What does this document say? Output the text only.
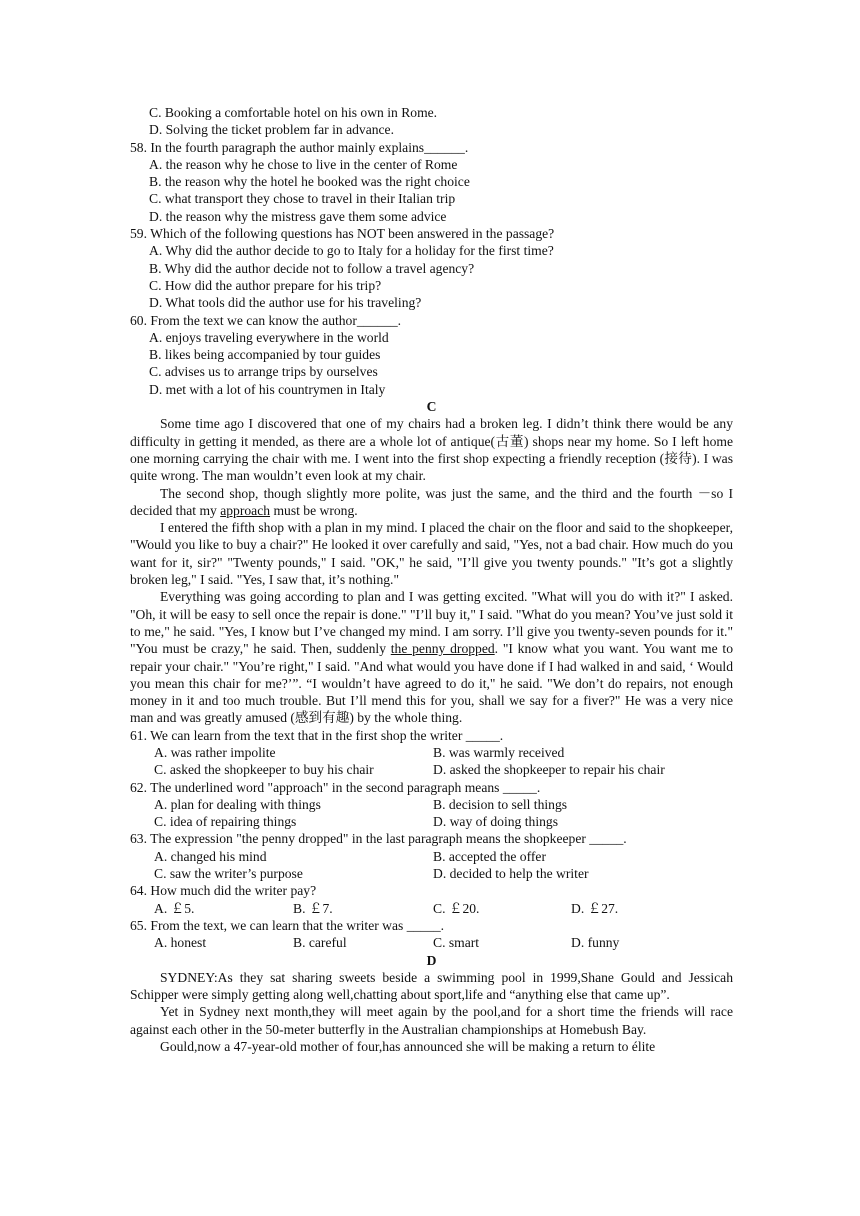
C. Booking a comfortable hotel on his own in Rome.
D. Solving the ticket problem far in advance.
58. In the fourth paragraph the author mainly explains______.
A. the reason why he chose to live in the center of Rome
B. the reason why the hotel he booked was the right choice
C. what transport they chose to travel in their Italian trip
D. the reason why the mistress gave them some advice
59. Which of the following questions has NOT been answered in the passage?
A. Why did the author decide to go to Italy for a holiday for the first time?
B. Why did the author decide not to follow a travel agency?
C. How did the author prepare for his trip?
D. What tools did the author use for his traveling?
60. From the text we can know the author______.
A. enjoys traveling everywhere in the world
B. likes being accompanied by tour guides
C. advises us to arrange trips by ourselves
D. met with a lot of his countrymen in Italy
C
Some time ago I discovered that one of my chairs had a broken leg. I didn’t think there would be any difficulty in getting it mended, as there are a whole lot of antique(古董) shops near my home. So I left home one morning carrying the chair with me. I went into the first shop expecting a friendly reception (接待). I was quite wrong. The man wouldn’t even look at my chair.
The second shop, though slightly more polite, was just the same, and the third and the fourth －so I decided that my approach must be wrong.
I entered the fifth shop with a plan in my mind. I placed the chair on the floor and said to the shopkeeper, "Would you like to buy a chair?" He looked it over carefully and said, "Yes, not a bad chair. How much do you want for it, sir?" "Twenty pounds," I said. "OK," he said, "I’ll give you twenty pounds." "It’s got a slightly broken leg," I said. "Yes, I saw that, it’s nothing."
Everything was going according to plan and I was getting excited. "What will you do with it?" I asked. "Oh, it will be easy to sell once the repair is done." "I’ll buy it," I said. "What do you mean? You’ve just sold it to me," he said. "Yes, I know but I’ve changed my mind. I am sorry. I’ll give you twenty-seven pounds for it." "You must be crazy," he said. Then, suddenly the penny dropped. "I know what you want. You want me to repair your chair." "You’re right," I said. "And what would you have done if I had walked in and said, ‘ Would you mean this chair for me?’”. “I wouldn’t have agreed to do it," he said. "We don’t do repairs, not enough money in it and too much trouble. But I’ll mend this for you, shall we say for a fiver?" He was a very nice man and was greatly amused (感到有趣) by the whole thing.
61. We can learn from the text that in the first shop the writer _____.
A. was rather impolite	B. was warmly received
C. asked the shopkeeper to buy his chair	D. asked the shopkeeper to repair his chair
62. The underlined word "approach" in the second paragraph means _____.
A. plan for dealing with things	B. decision to sell things
C. idea of repairing things	D. way of doing things
63. The expression "the penny dropped" in the last paragraph means the shopkeeper _____.
A. changed his mind	B. accepted the offer
C. saw the writer’s purpose	D. decided to help the writer
64. How much did the writer pay?
A. ￡5.	B. ￡7.	C. ￡20.	D. ￡27.
65. From the text, we can learn that the writer was _____.
A. honest	B. careful	C. smart	D. funny
D
SYDNEY:As they sat sharing sweets beside a swimming pool in 1999,Shane Gould and Jessicah Schipper were simply getting along well,chatting about sport,life and “anything else that came up”.
Yet in Sydney next month,they will meet again by the pool,and for a short time the friends will race against each other in the 50-meter butterfly in the Australian championships at Homebush Bay.
Gould,now a 47-year-old mother of four,has announced she will be making a return to élite
